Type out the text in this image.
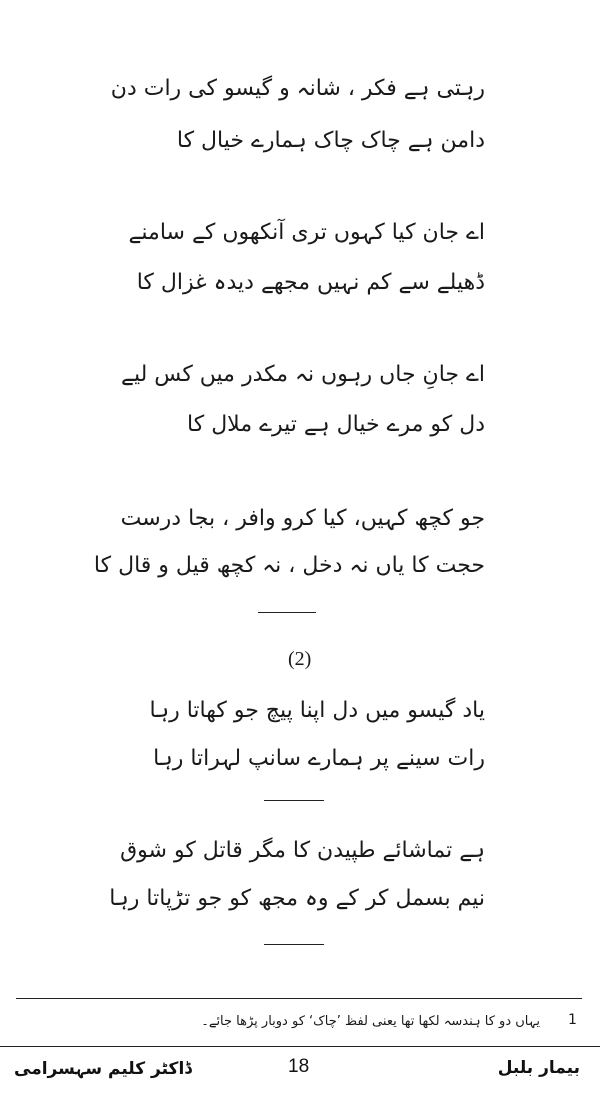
رہتی ہے فکر ، شانہ و گیسو کی رات دن
دامن ہے چاک چاک ہمارے خیال کا
اے جان کیا کہوں تری آنکھوں کے سامنے
ڈھیلے سے کم نہیں مجھے دیدہ غزال کا
اے جانِ جاں رہوں نہ مکدر میں کس لیے
دل کو مرے خیال ہے تیرے ملال کا
جو کچھ کہیں، کیا کرو وافر ، بجا درست
حجت کا یاں نہ دخل ، نہ کچھ قیل و قال کا
(2)
یاد گیسو میں دل اپنا پیچ جو کھاتا رہا
رات سینے پر ہمارے سانپ لہراتا رہا
ہے تماشائے طپیدن کا مگر قاتل کو شوق
نیم بسمل کر کے وہ مجھ کو جو تڑپاتا رہا
1
یہاں دو کا ہندسہ لکھا تھا یعنی لفظ ’چاک‘ کو دوبار پڑھا جائے۔
بیمار بلبل
18
ڈاکٹر کلیم سہسرامی
